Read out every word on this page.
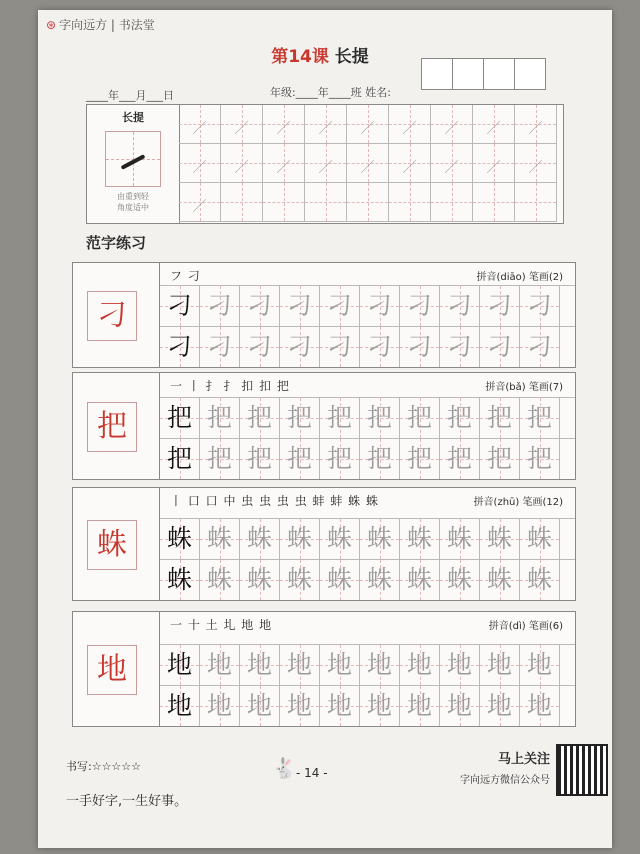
⊛ 字向远方 | 书法堂
第14课 长提
____年___月___日	年级:____年____班 姓名:
长提
由重到轻
角度适中
／	／	／	／	／	／	／	／	／
／	／	／	／	／	／	／	／	／
／
范字练习
刁
フ 刁	拼音(diāo) 笔画(2)
刁 刁 刁 刁 刁 刁 刁 刁 刁 刁
刁 刁 刁 刁 刁 刁 刁 刁 刁 刁
把
一 丨 扌 扌 扣 扣 把	拼音(bǎ) 笔画(7)
把 把 把 把 把 把 把 把 把 把
把 把 把 把 把 把 把 把 把 把
蛛
丨 口 口 中 虫 虫 虫 虫 蚌 蚌 蛛 蛛	拼音(zhū) 笔画(12)
蛛 蛛 蛛 蛛 蛛 蛛 蛛 蛛 蛛 蛛
蛛 蛛 蛛 蛛 蛛 蛛 蛛 蛛 蛛 蛛
地
一 十 土 圠 地 地	拼音(dì) 笔画(6)
地 地 地 地 地 地 地 地 地 地
地 地 地 地 地 地 地 地 地 地
书写:☆☆☆☆☆
一手好字,一生好事。
🐇 - 14 -
马上关注
字向远方微信公众号
